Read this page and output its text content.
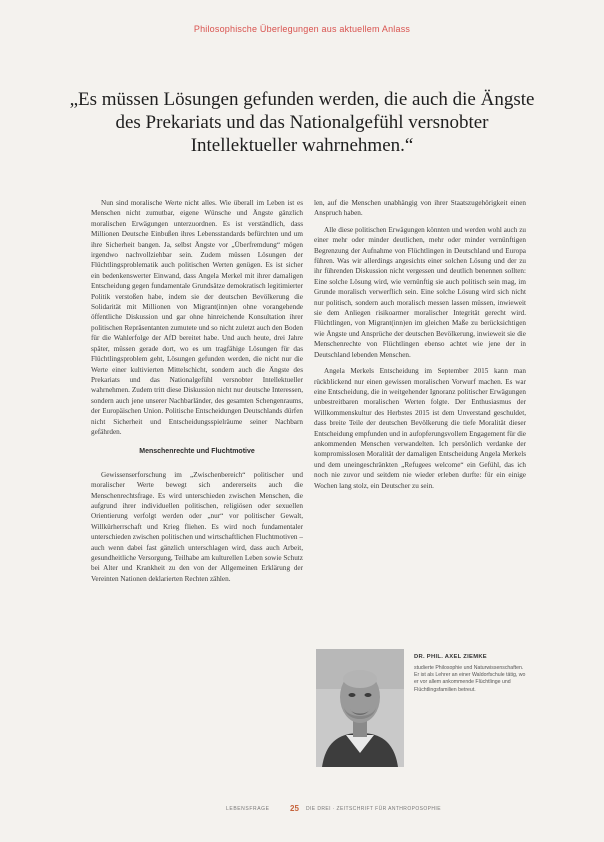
Philosophische Überlegungen aus aktuellem Anlass
„Es müssen Lösungen gefunden werden, die auch die Ängste des Prekariats und das Nationalgefühl versnobter Intellektueller wahrnehmen.“

Nun sind moralische Werte nicht alles. Wie überall im Leben ist es Menschen nicht zumutbar, eigene Wünsche und Ängste gänzlich moralischen Erwägungen unterzuordnen. Es ist verständlich, dass Millionen Deutsche Einbußen ihres Lebensstandards befürchten und um ihre Sicherheit bangen. Ja, selbst Ängste vor „Überfremdung“ mögen irgendwo nachvollziehbar sein. Zudem müssen Lösungen der Flüchtlingsproblematik auch politischen Werten genügen. Es ist sicher ein bedenkenswerter Einwand, dass Angela Merkel mit ihrer damaligen Entscheidung gegen fundamentale Grundsätze demokratisch legitimierter Politik verstoßen habe, indem sie der deutschen Bevölkerung die Solidarität mit Millionen von Migrant(inn)en ohne vorangehende öffentliche Diskussion und gar ohne hinreichende Konsultation ihrer politischen Repräsentanten zumutete und so nicht zuletzt auch den Boden für die Wahlerfolge der AfD bereitet habe. Und auch heute, drei Jahre später, müssen gerade dort, wo es um tragfähige Lösungen für das Flüchtlingsproblem geht, Lösungen gefunden werden, die nicht nur die Werte einer kultivierten Mittelschicht, sondern auch die Ängste des Prekariats und das Nationalgefühl versnobter Intellektueller wahrnehmen. Zudem tritt diese Diskussion nicht nur deutsche Interessen, sondern auch jene unserer Nachbarländer, des gesamten Schengenraums, der Europäischen Union. Politische Entscheidungen Deutschlands dürfen nicht Sicherheit und Entscheidungsspielräume seiner Nachbarn gefährden.

Menschenrechte und Fluchtmotive

Gewissenserforschung im „Zwischenbereich“ politischer und moralischer Werte bewegt sich andererseits auch die Menschenrechtsfrage. Es wird unterschieden zwischen Menschen, die aufgrund ihrer individuellen politischen, religiösen oder sexuellen Orientierung verfolgt werden oder „nur“ vor politischer Gewalt, Willkürherrschaft und Krieg fliehen. Es wird noch fundamentaler unterschieden zwischen politischen und wirtschaftlichen Fluchtmotiven – auch wenn dabei fast gänzlich unterschlagen wird, dass auch Arbeit, gesundheitliche Versorgung, Teilhabe am kulturellen Leben sowie Schutz bei Alter und Krankheit zu den von der Allgemeinen Erklärung der Vereinten Nationen deklarierten Rechten zählen.

len, auf die Menschen unabhängig von ihrer Staatszugehörigkeit einen Anspruch haben.

Alle diese politischen Erwägungen könnten und werden wohl auch zu einer mehr oder minder deutlichen, mehr oder minder vernünftigen Begrenzung der Aufnahme von Flüchtlingen in Deutschland und Europa führen. Was wir allerdings angesichts einer solchen Lösung und der zu ihr führenden Diskussion nicht vergessen und deutlich benennen sollten: Eine solche Lösung wird, wie vernünftig sie auch politisch sein mag, im Grunde moralisch verwerflich sein. Eine solche Lösung wird sich nicht nur politisch, sondern auch moralisch messen lassen müssen, inwieweit sie dem Anliegen risikoarmer moralischer Integrität gerecht wird. Flüchtlingen, von Migrant(inn)en im gleichen Maße zu berücksichtigen wie Ängste und Ansprüche der deutschen Bevölkerung, inwieweit sie die Menschenrechte von Flüchtlingen ebenso achtet wie jene der in Deutschland lebenden Menschen.

Angela Merkels Entscheidung im September 2015 kann man rückblickend nur einen gewissen moralischen Vorwurf machen. Es war eine Entscheidung, die in weitgehender Ignoranz politischer Erwägungen unbestreitbaren moralischen Werten folgte. Der Enthusiasmus der Willkommenskultur des Herbstes 2015 ist dem Unverstand geschuldet, dass breite Teile der deutschen Bevölkerung die tiefe Moralität dieser Entscheidung empfunden und in aufopferungsvollem Engagement für die ankommenden Menschen verwandelten. Ich persönlich verdanke der kompromisslosen Moralität der damaligen Entscheidung Angela Merkels und dem uneingeschränkten „Refugees welcome“ ein Gefühl, das ich noch nie zuvor und seitdem nie wieder erleben durfte: für ein einige Wochen lang stolz, ein Deutscher zu sein.

DR. PHIL. AXEL ZIEMKE
studierte Philosophie und Naturwissenschaften. Er ist als Lehrer an einer Waldorfschule tätig, wo er vor allem ankommende Flüchtlinge und Flüchtlingsfamilien betreut.
LEBENSFRAGE	25 DIE DREI · ZEITSCHRIFT FÜR ANTHROPOSOPHIE
